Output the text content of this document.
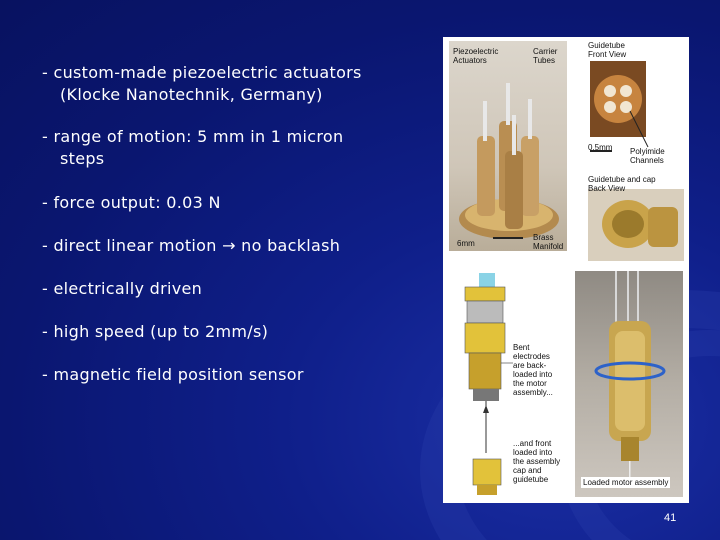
- custom-made piezoelectric actuators
(Klocke Nanotechnik, Germany)
- range of motion: 5 mm in 1 micron
steps
- force output: 0.03 N
- direct linear motion → no backlash
- electrically driven
- high speed (up to 2mm/s)
- magnetic field position sensor
Piezoelectric
Actuators
Carrier
Tubes
Brass
Manifold
6mm
Guidetube
Front View
0.5mm Polyimide
Channels
Guidetube and cap
Back View
Bent
electrodes
are back-
loaded into
the motor
assembly...
...and front
loaded into
the assembly
cap and
guidetube	Loaded motor assembly
41
